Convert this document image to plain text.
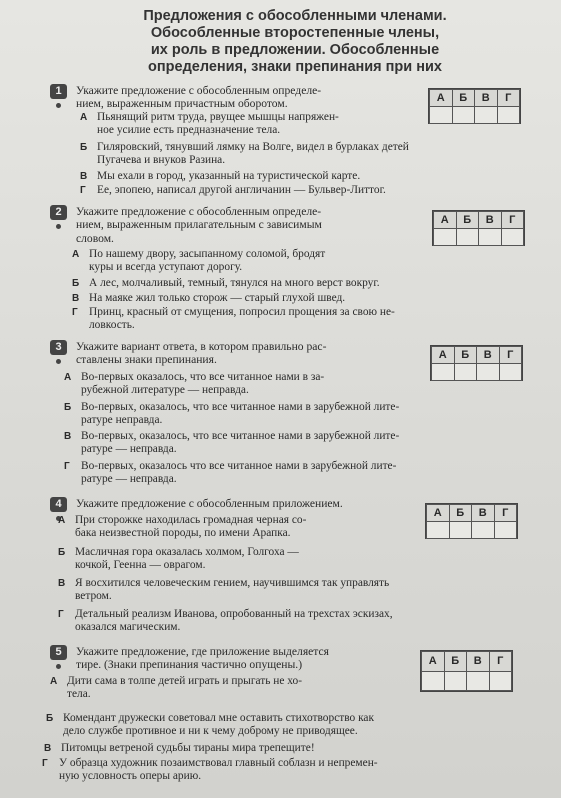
Предложения с обособленными членами.
Обособленные второстепенные члены,
их роль в предложении. Обособленные
определения, знаки препинания при них
1	Укажите предложение с обособленным определе-
нием, выраженным причастным оборотом.	А	Б	В	Г

А Пьянящий ритм труда, рвущее мышцы напряжен-
ное усилие есть предназначение тела.
Б Гиляровский, тянувший лямку на Волге, видел в бурлаках детей
Пугачева и внуков Разина.
В Мы ехали в город, указанный на туристической карте.
Г Ее, эпопею, написал другой англичанин — Бульвер-Литтог.
2	Укажите предложение с обособленным определе-
нием, выраженным прилагательным с зависимым
словом.
А	Б	В	Г

А По нашему двору, засыпанному соломой, бродят
куры и всегда уступают дорогу.
Б А лес, молчаливый, темный, тянулся на много верст вокруг.
В На маяке жил только сторож — старый глухой швед.
Г Принц, красный от смущения, попросил прощения за свою не-
ловкость.
3	Укажите вариант ответа, в котором правильно рас-
ставлены знаки препинания.	А	Б	В	Г

А Во-первых оказалось, что все читанное нами в за-
рубежной литературе — неправда.
Б Во-первых, оказалось, что все читанное нами в зарубежной лите-
ратуре неправда.
В Во-первых, оказалось, что все читанное нами в зарубежной лите-
ратуре — неправда.
Г Во-первых, оказалось что все читанное нами в зарубежной лите-
ратуре — неправда.
4	Укажите предложение с обособленным приложением.
А	Б	В	Г

А При сторожке находилась громадная черная со-
бака неизвестной породы, по имени Арапка.
Б Масличная гора оказалась холмом, Голгоха —
кочкой, Геенна — оврагом.
В Я восхитился человеческим гением, научившимся так управлять
ветром.
Г Детальный реализм Иванова, опробованный на трехстах эскизах,
оказался магическим.
5	Укажите предложение, где приложение выделяется
тире. (Знаки препинания частично опущены.)	А	Б	В	Г

А Дити сама в толпе детей играть и прыгать не хо-
тела.
Б Комендант дружески советовал мне оставить стихотворство как
дело службе противное и ни к чему доброму не приводящее.
В Питомцы ветреной судьбы тираны мира трепещите!
Г У образца художник позаимствовал главный соблазн и непремен-
ную условность оперы арию.
